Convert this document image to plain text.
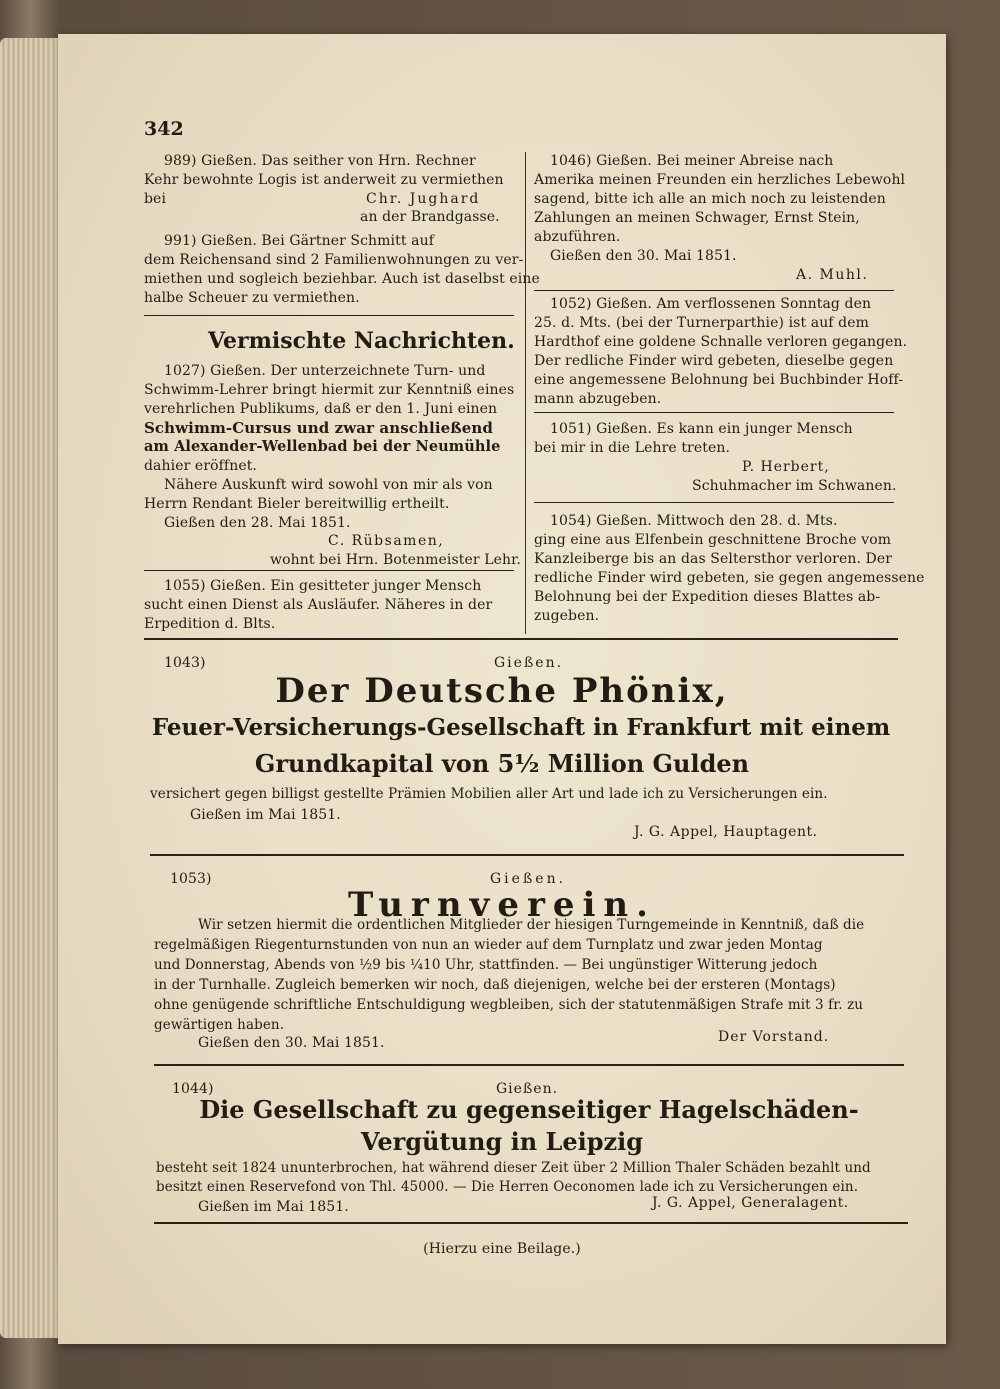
342
989) Gießen. Das seither von Hrn. Rechner
Kehr bewohnte Logis ist anderweit zu vermiethen
bei	Chr. Jughard
an der Brandgasse.
991) Gießen. Bei Gärtner Schmitt auf
dem Reichensand sind 2 Familienwohnungen zu ver-
miethen und sogleich beziehbar. Auch ist daselbst eine
halbe Scheuer zu vermiethen.
Vermischte Nachrichten.
1027) Gießen. Der unterzeichnete Turn- und
Schwimm-Lehrer bringt hiermit zur Kenntniß eines
verehrlichen Publikums, daß er den 1. Juni einen
Schwimm-Cursus und zwar anschließend
am Alexander-Wellenbad bei der Neumühle
dahier eröffnet.
Nähere Auskunft wird sowohl von mir als von
Herrn Rendant Bieler bereitwillig ertheilt.
Gießen den 28. Mai 1851.
C. Rübsamen,
wohnt bei Hrn. Botenmeister Lehr.
1055) Gießen. Ein gesitteter junger Mensch
sucht einen Dienst als Ausläufer. Näheres in der
Erpedition d. Blts.
1046) Gießen. Bei meiner Abreise nach
Amerika meinen Freunden ein herzliches Lebewohl
sagend, bitte ich alle an mich noch zu leistenden
Zahlungen an meinen Schwager, Ernst Stein,
abzuführen.
Gießen den 30. Mai 1851.
A. Muhl.
1052) Gießen. Am verflossenen Sonntag den
25. d. Mts. (bei der Turnerparthie) ist auf dem
Hardthof eine goldene Schnalle verloren gegangen.
Der redliche Finder wird gebeten, dieselbe gegen
eine angemessene Belohnung bei Buchbinder Hoff-
mann abzugeben.
1051) Gießen. Es kann ein junger Mensch
bei mir in die Lehre treten.
P. Herbert,
Schuhmacher im Schwanen.
1054) Gießen. Mittwoch den 28. d. Mts.
ging eine aus Elfenbein geschnittene Broche vom
Kanzleiberge bis an das Seltersthor verloren. Der
redliche Finder wird gebeten, sie gegen angemessene
Belohnung bei der Expedition dieses Blattes ab-
zugeben.
1043)	Gießen.
Der Deutsche Phönix,
Feuer-Versicherungs-Gesellschaft in Frankfurt mit einem
Grundkapital von 5½ Million Gulden
versichert gegen billigst gestellte Prämien Mobilien aller Art und lade ich zu Versicherungen ein.
Gießen im Mai 1851.
J. G. Appel, Hauptagent.
1053)	Gießen.
Turnverein.
Wir setzen hiermit die ordentlichen Mitglieder der hiesigen Turngemeinde in Kenntniß, daß die
regelmäßigen Riegenturnstunden von nun an wieder auf dem Turnplatz und zwar jeden Montag
und Donnerstag, Abends von ½9 bis ¼10 Uhr, stattfinden. — Bei ungünstiger Witterung jedoch
in der Turnhalle. Zugleich bemerken wir noch, daß diejenigen, welche bei der ersteren (Montags)
ohne genügende schriftliche Entschuldigung wegbleiben, sich der statutenmäßigen Strafe mit 3 fr. zu
gewärtigen haben.
Gießen den 30. Mai 1851.	Der Vorstand.
1044)	Gießen.
Die Gesellschaft zu gegenseitiger Hagelschäden-
Vergütung in Leipzig
besteht seit 1824 ununterbrochen, hat während dieser Zeit über 2 Million Thaler Schäden bezahlt und
besitzt einen Reservefond von Thl. 45000. — Die Herren Oeconomen lade ich zu Versicherungen ein.
Gießen im Mai 1851.	J. G. Appel, Generalagent.
(Hierzu eine Beilage.)
